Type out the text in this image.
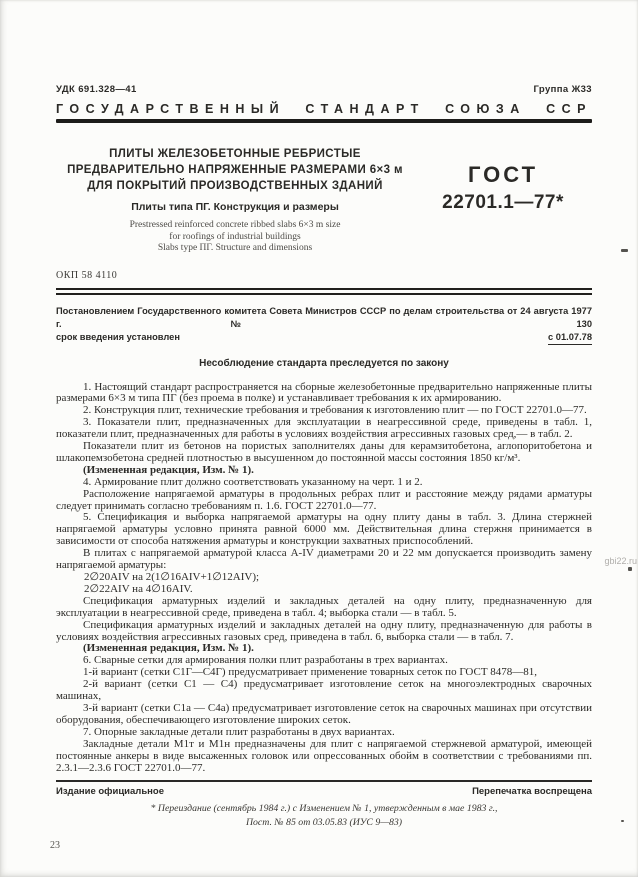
УДК 691.328—41	Группа Ж33
ГОСУДАРСТВЕННЫЙ СТАНДАРТ СОЮЗА ССР
ПЛИТЫ ЖЕЛЕЗОБЕТОННЫЕ РЕБРИСТЫЕ
ПРЕДВАРИТЕЛЬНО НАПРЯЖЕННЫЕ РАЗМЕРАМИ 6×3 м
ДЛЯ ПОКРЫТИЙ ПРОИЗВОДСТВЕННЫХ ЗДАНИЙ
Плиты типа ПГ. Конструкция и размеры
Prestressed reinforced concrete ribbed slabs 6×3 m size
for roofings of industrial buildings
Slabs type ПГ. Structure and dimensions
ГОСТ
22701.1—77*
ОКП 58 4110
Постановлением Государственного комитета Совета Министров СССР по делам строительства от 24 августа 1977 г. № 130
срок введения установлен	с 01.07.78
Несоблюдение стандарта преследуется по закону

1. Настоящий стандарт распространяется на сборные железобетонные предварительно напряженные плиты размерами 6×3 м типа ПГ (без проема в полке) и устанавливает требования к их армированию.

2. Конструкция плит, технические требования и требования к изготовлению плит — по ГОСТ 22701.0—77.

3. Показатели плит, предназначенных для эксплуатации в неагрессивной среде, приведены в табл. 1, показатели плит, предназначенных для работы в условиях воздействия агрессивных газовых сред,— в табл. 2.

Показатели плит из бетонов на пористых заполнителях даны для керамзитобетона, аглопоритобетона и шлакопемзобетона средней плотностью в высушенном до постоянной массы состояния 1850 кг/м³.

(Измененная редакция, Изм. № 1).

4. Армирование плит должно соответствовать указанному на черт. 1 и 2.

Расположение напрягаемой арматуры в продольных ребрах плит и расстояние между рядами арматуры следует принимать согласно требованиям п. 1.6. ГОСТ 22701.0—77.

5. Спецификация и выборка напрягаемой арматуры на одну плиту даны в табл. 3. Длина стержней напрягаемой арматуры условно принята равной 6000 мм. Действительная длина стержня принимается в зависимости от способа натяжения арматуры и конструкции захватных приспособлений.

В плитах с напрягаемой арматурой класса А-IV диаметрами 20 и 22 мм допускается производить замену напрягаемой арматуры:

2∅20АIV на 2(1∅16АIV+1∅12АIV);

2∅22АIV на 4∅16АIV.

Спецификация арматурных изделий и закладных деталей на одну плиту, предназначенную для эксплуатации в неагрессивной среде, приведена в табл. 4; выборка стали — в табл. 5.

Спецификация арматурных изделий и закладных деталей на одну плиту, предназначенную для работы в условиях воздействия агрессивных газовых сред, приведена в табл. 6, выборка стали — в табл. 7.

(Измененная редакция, Изм. № 1).

6. Сварные сетки для армирования полки плит разработаны в трех вариантах.

1-й вариант (сетки С1Г—С4Г) предусматривает применение товарных сеток по ГОСТ 8478—81,

2-й вариант (сетки С1 — С4) предусматривает изготовление сеток на многоэлектродных сварочных машинах,

3-й вариант (сетки С1а — С4а) предусматривает изготовление сеток на сварочных машинах при отсутствии оборудования, обеспечивающего изготовление широких сеток.

7. Опорные закладные детали плит разработаны в двух вариантах.

Закладные детали М1т и М1н предназначены для плит с напрягаемой стержневой арматурой, имеющей постоянные анкеры в виде высаженных головок или опрессованных обойм в соответствии с требованиями пп. 2.3.1—2.3.6 ГОСТ 22701.0—77.

Издание официальное	Перепечатка воспрещена
* Переиздание (сентябрь 1984 г.) с Изменением № 1, утвержденным в мае 1983 г.,
Пост. № 85 от 03.05.83 (ИУС 9—83)
23
gbi22.ru
